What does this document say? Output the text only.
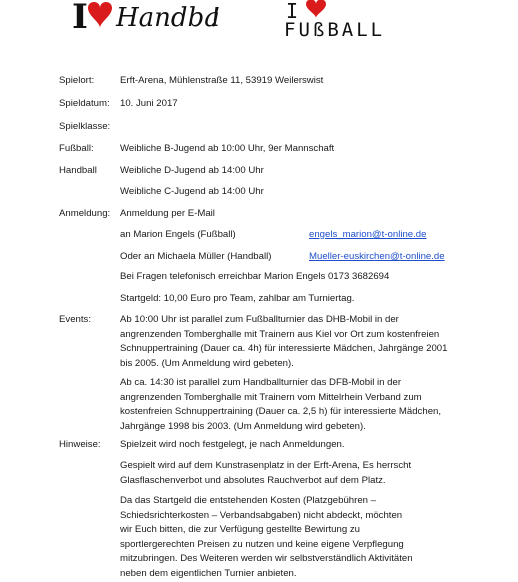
I Handba
!	I
FUßBALL
Spielort:	Erft-Arena, Mühlenstraße 11, 53919 Weilerswist
Spieldatum:	10. Juni 2017
Spielklasse:
Fußball:	Weibliche B-Jugend ab 10:00 Uhr, 9er Mannschaft
Handball	Weibliche D-Jugend ab 14:00 Uhr
Weibliche C-Jugend ab 14:00 Uhr
Anmeldung:	Anmeldung per E-Mail
an Marion Engels (Fußball)	engels_marion@t-online.de
Oder an Michaela Müller (Handball)	Mueller-euskirchen@t-online.de
Bei Fragen telefonisch erreichbar Marion Engels 0173 3682694
Startgeld: 10,00 Euro pro Team, zahlbar am Turniertag.
Events:	Ab 10:00 Uhr ist parallel zum Fußballturnier das DHB-Mobil in der
angrenzenden Tomberghalle mit Trainern aus Kiel vor Ort zum kostenfreien
Schnuppertraining (Dauer ca. 4h) für interessierte Mädchen, Jahrgänge 2001
bis 2005. (Um Anmeldung wird gebeten).
Ab ca. 14:30 ist parallel zum Handballturnier das DFB-Mobil in der
angrenzenden Tomberghalle mit Trainern vom Mittelrhein Verband zum
kostenfreien Schnuppertraining (Dauer ca. 2,5 h) für interessierte Mädchen,
Jahrgänge 1998 bis 2003. (Um Anmeldung wird gebeten).
Hinweise:	Spielzeit wird noch festgelegt, je nach Anmeldungen.
Gespielt wird auf dem Kunstrasenplatz in der Erft-Arena, Es herrscht
Glasflaschenverbot und absolutes Rauchverbot auf dem Platz.
Da das Startgeld die entstehenden Kosten (Platzgebühren –
Schiedsrichterkosten – Verbandsabgaben) nicht abdeckt, möchten
wir Euch bitten, die zur Verfügung gestellte Bewirtung zu
sportlergerechten Preisen zu nutzen und keine eigene Verpflegung
mitzubringen. Des Weiteren werden wir selbstverständlich Aktivitäten
neben dem eigentlichen Turnier anbieten.
